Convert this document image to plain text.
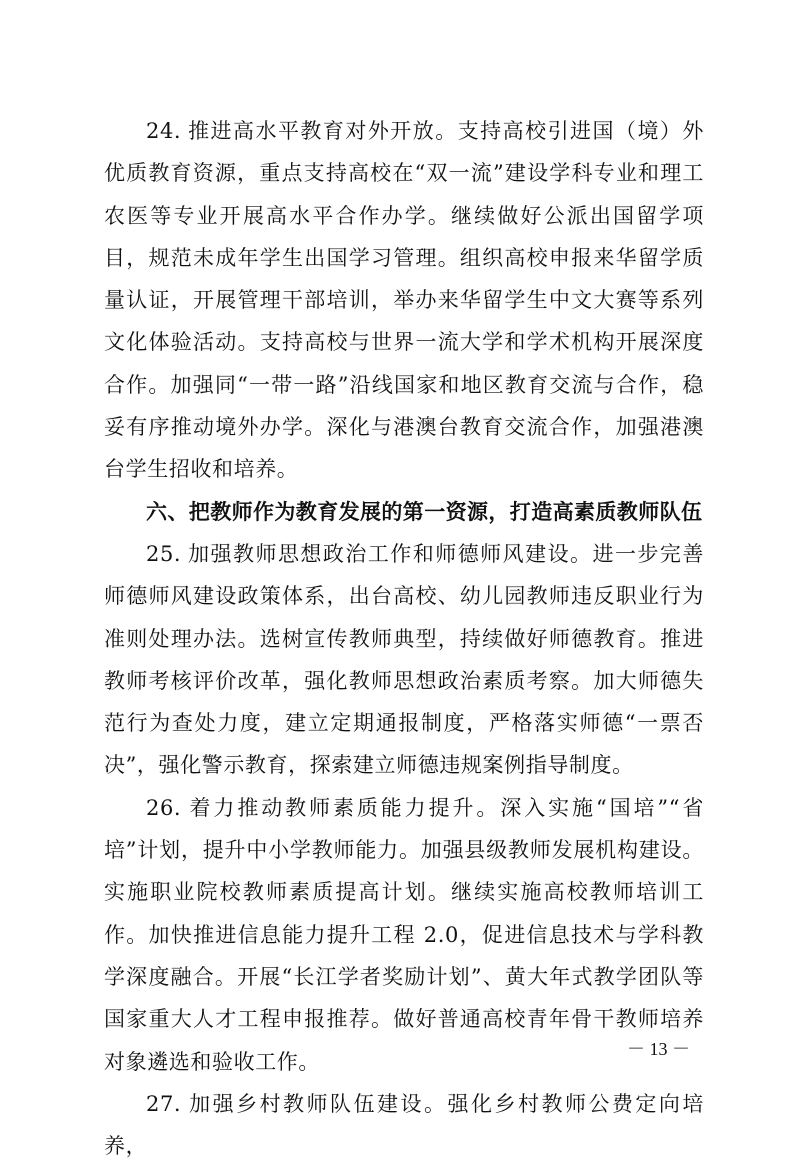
24. 推进高水平教育对外开放。支持高校引进国（境）外优质教育资源，重点支持高校在“双一流”建设学科专业和理工农医等专业开展高水平合作办学。继续做好公派出国留学项目，规范未成年学生出国学习管理。组织高校申报来华留学质量认证，开展管理干部培训，举办来华留学生中文大赛等系列文化体验活动。支持高校与世界一流大学和学术机构开展深度合作。加强同“一带一路”沿线国家和地区教育交流与合作，稳妥有序推动境外办学。深化与港澳台教育交流合作，加强港澳台学生招收和培养。

六、把教师作为教育发展的第一资源，打造高素质教师队伍

25. 加强教师思想政治工作和师德师风建设。进一步完善师德师风建设政策体系，出台高校、幼儿园教师违反职业行为准则处理办法。选树宣传教师典型，持续做好师德教育。推进教师考核评价改革，强化教师思想政治素质考察。加大师德失范行为查处力度，建立定期通报制度，严格落实师德“一票否决”，强化警示教育，探索建立师德违规案例指导制度。

26. 着力推动教师素质能力提升。深入实施“国培”“省培”计划，提升中小学教师能力。加强县级教师发展机构建设。实施职业院校教师素质提高计划。继续实施高校教师培训工作。加快推进信息能力提升工程 2.0，促进信息技术与学科教学深度融合。开展“长江学者奖励计划”、黄大年式教学团队等国家重大人才工程申报推荐。做好普通高校青年骨干教师培养对象遴选和验收工作。

27. 加强乡村教师队伍建设。强化乡村教师公费定向培养，

－ 13 －
